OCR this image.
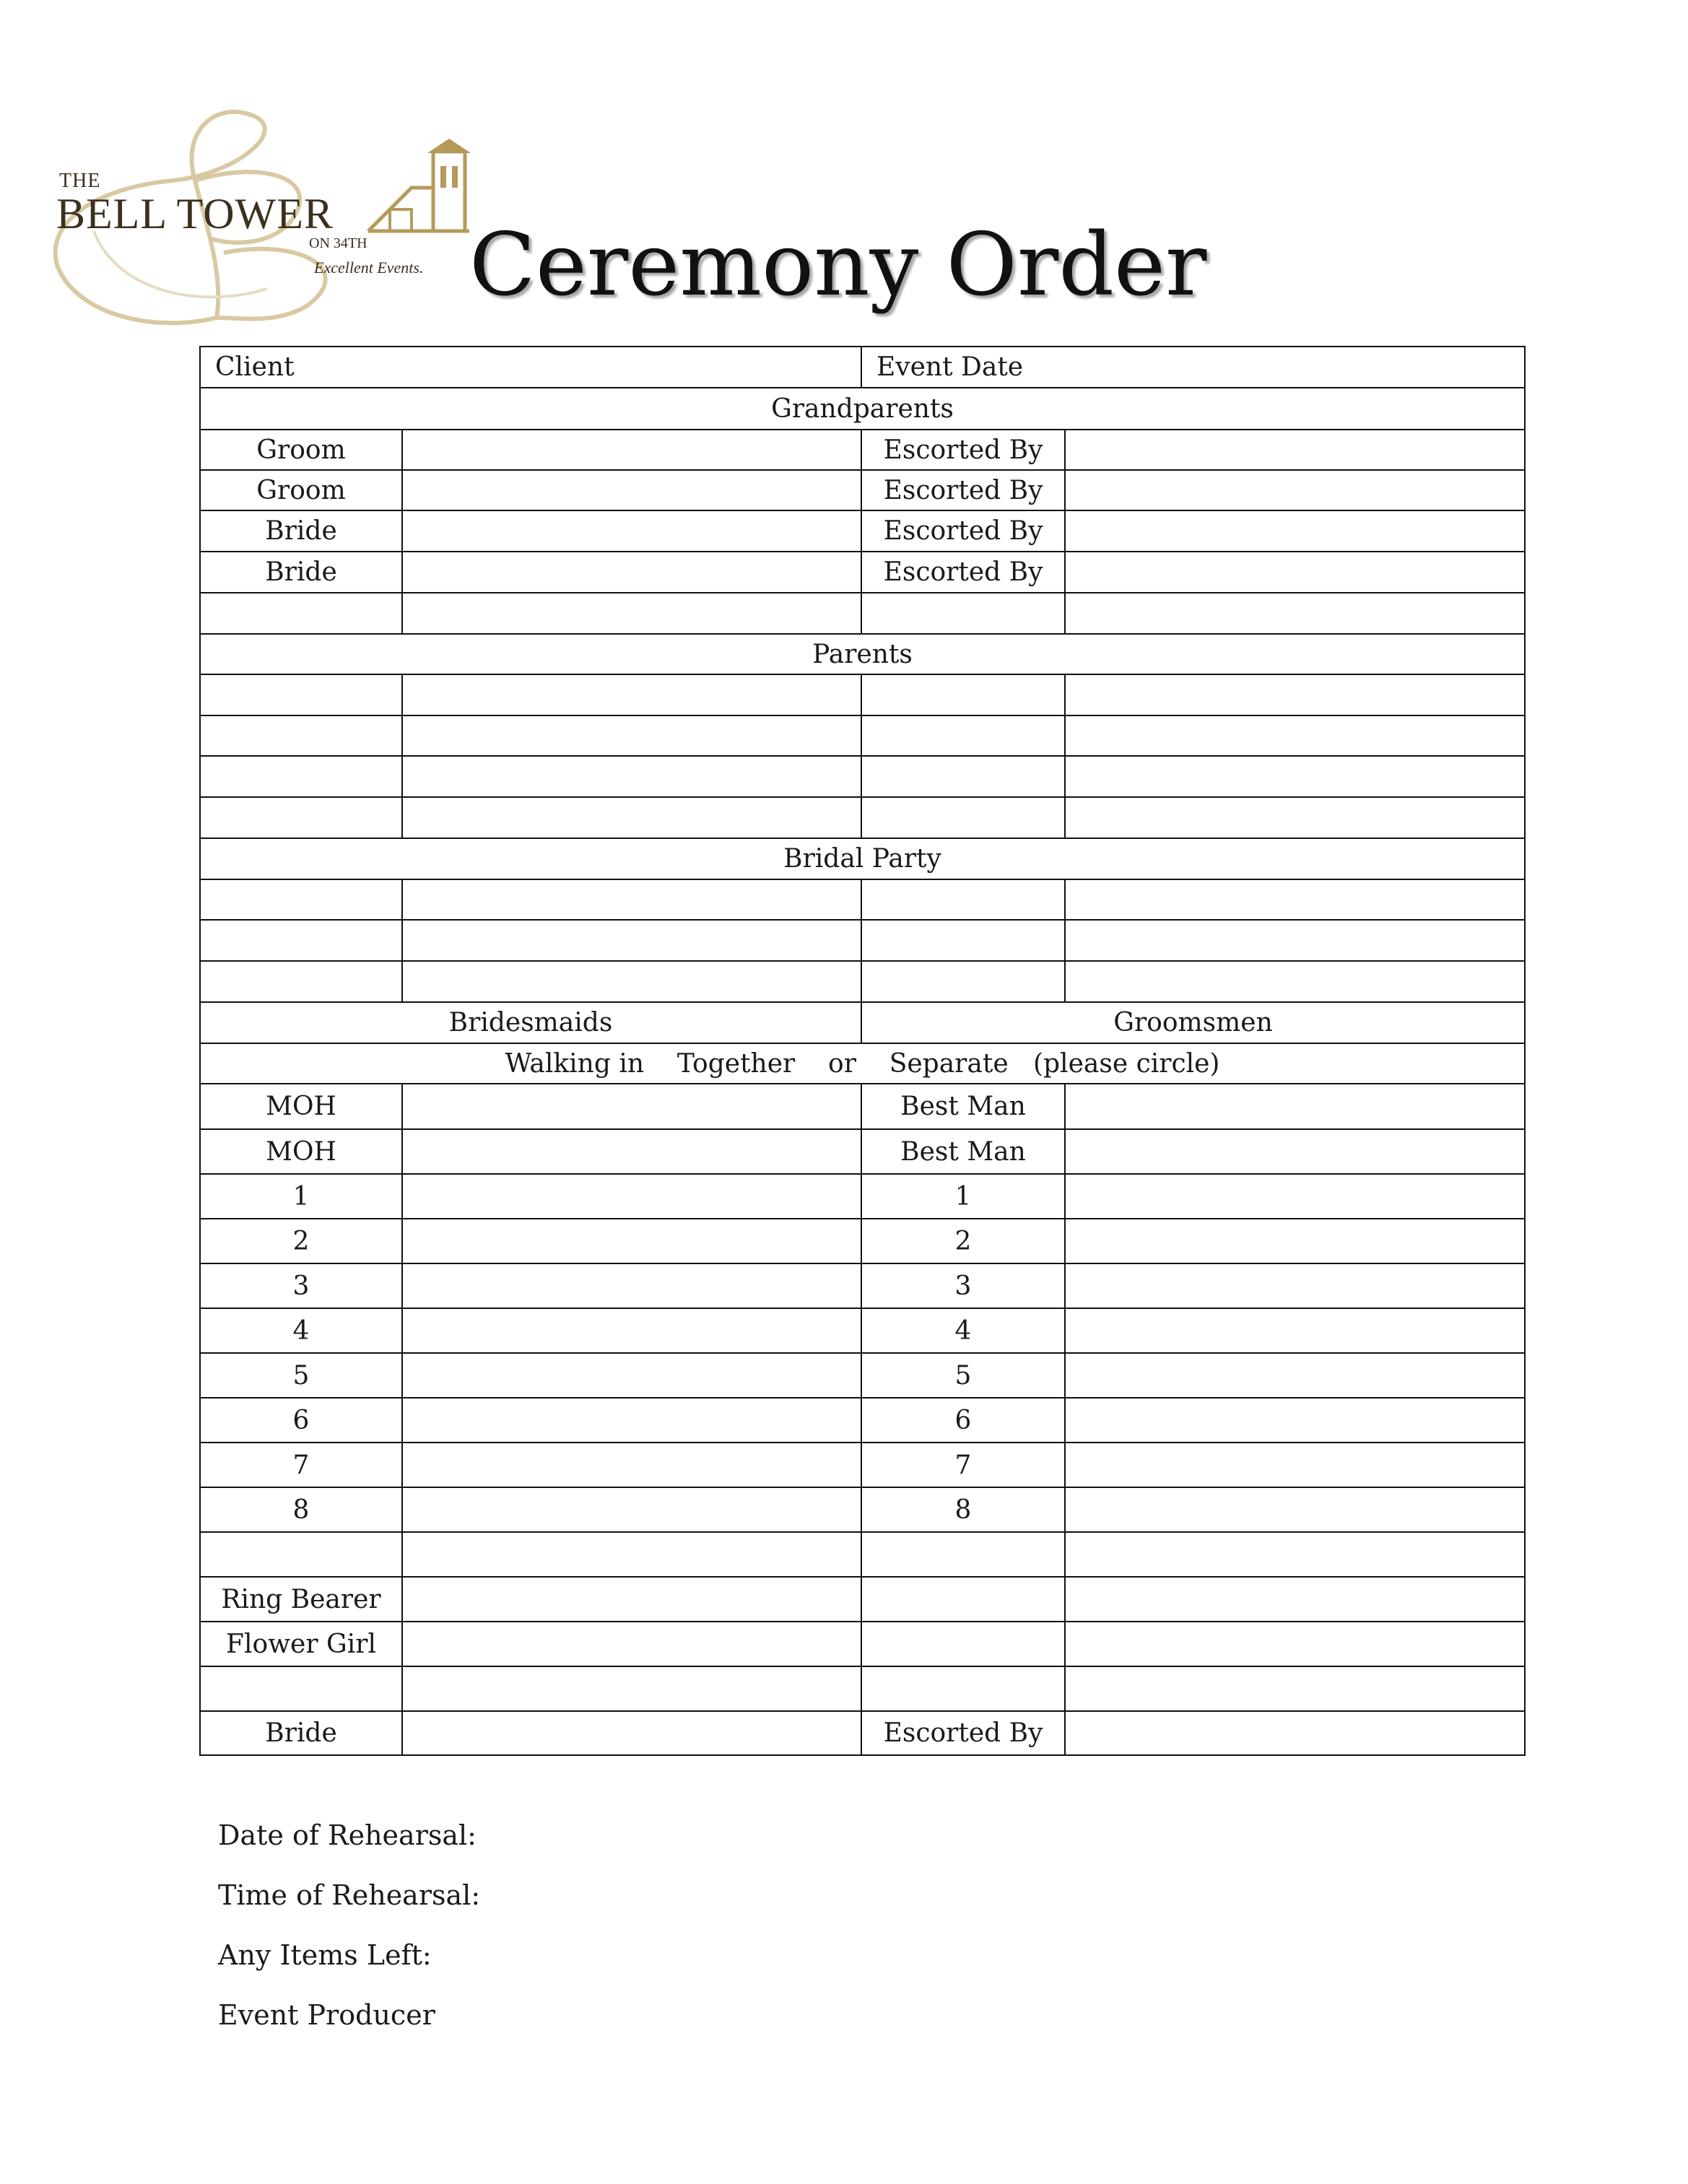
THE
BELL TOWER
ON 34TH
Excellent Events. Ceremony Order
Client		Event Date	
Grandparents			
Groom		Escorted By	
Groom		Escorted By	
Bride		Escorted By	
Bride		Escorted By	

Parents			

Bridal Party			

Bridesmaids		Groomsmen	
Walking in Together or Separate (please circle)			
MOH		Best Man	
MOH		Best Man	
1		1	
2		2	
3		3	
4		4	
5		5	
6		6	
7		7	
8		8	

Ring Bearer			
Flower Girl			

Bride		Escorted By	
Date of Rehearsal:
Time of Rehearsal:
Any Items Left:
Event Producer
